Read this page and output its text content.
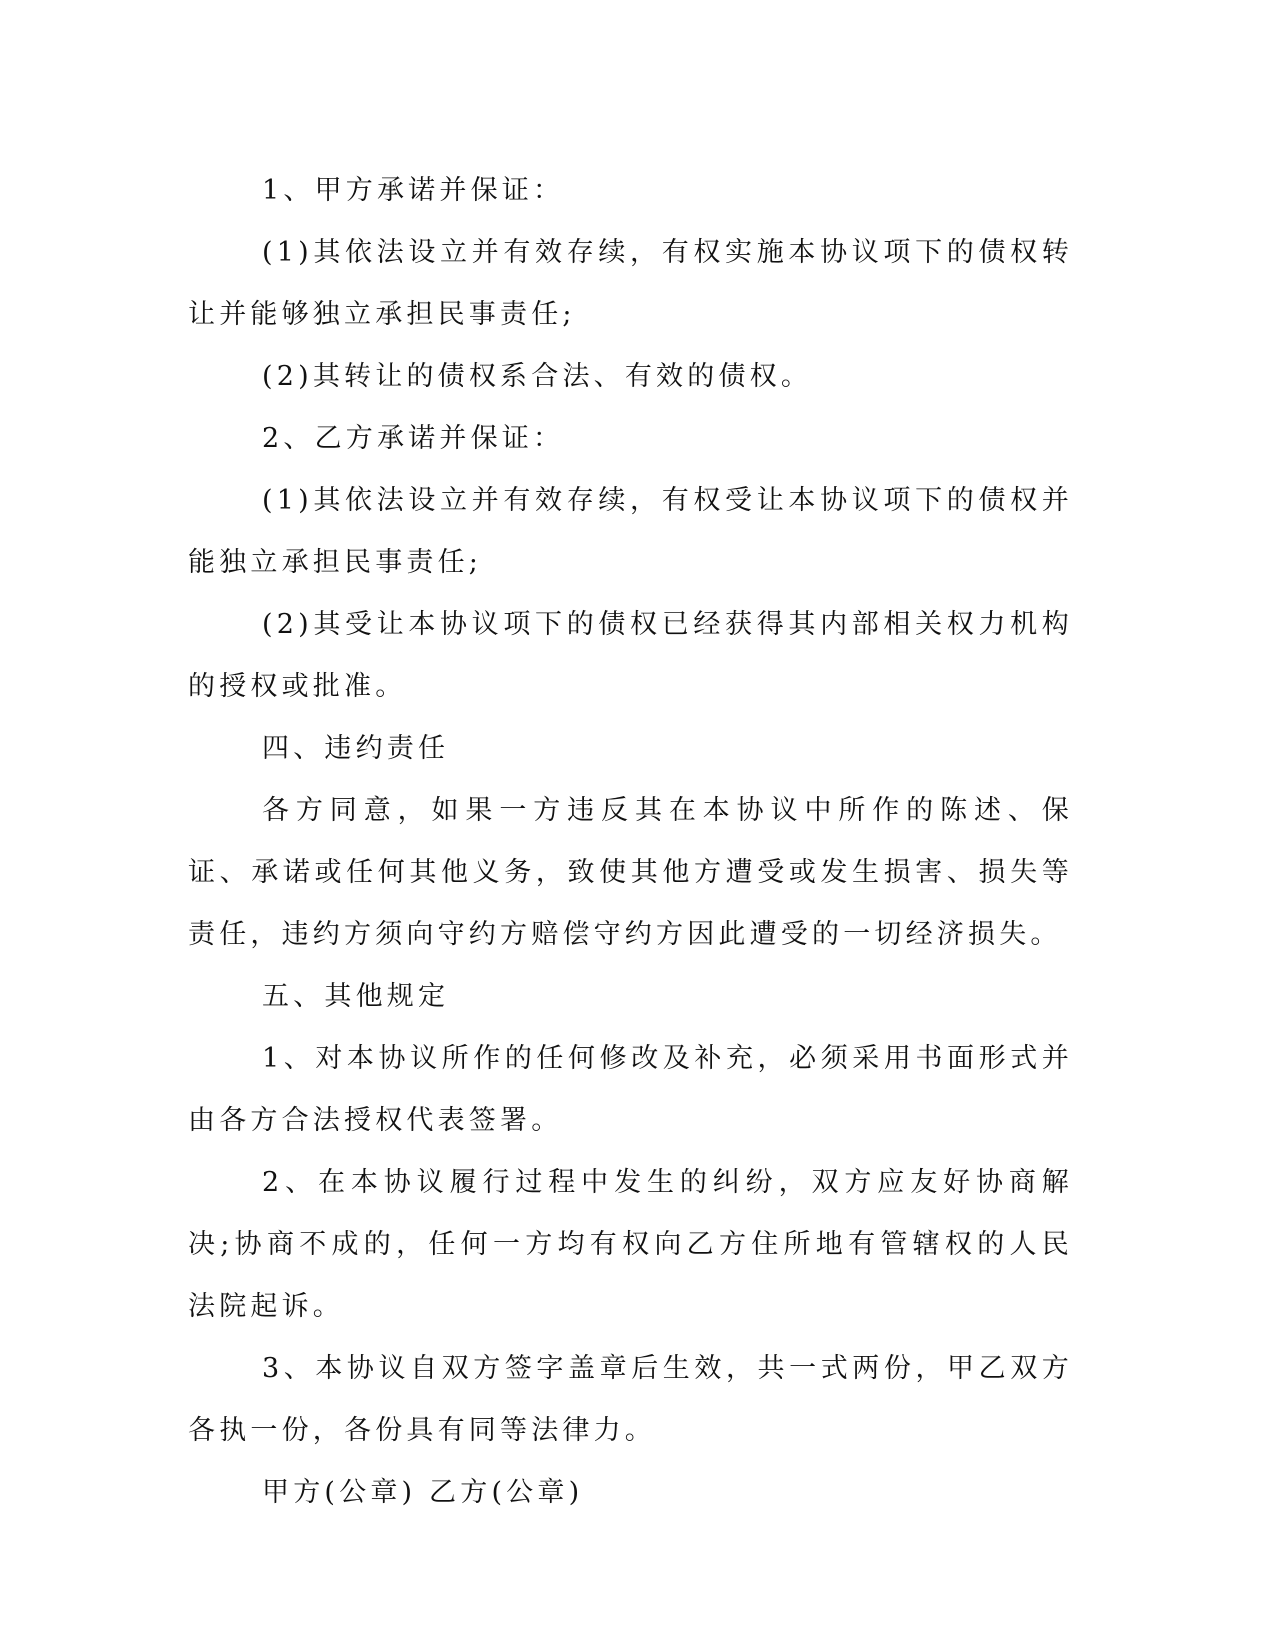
1、甲方承诺并保证：

(1)其依法设立并有效存续，有权实施本协议项下的债权转让并能够独立承担民事责任;

(2)其转让的债权系合法、有效的债权。

2、乙方承诺并保证：

(1)其依法设立并有效存续，有权受让本协议项下的债权并能独立承担民事责任;

(2)其受让本协议项下的债权已经获得其内部相关权力机构的授权或批准。

四、违约责任

各方同意，如果一方违反其在本协议中所作的陈述、保证、承诺或任何其他义务，致使其他方遭受或发生损害、损失等责任，违约方须向守约方赔偿守约方因此遭受的一切经济损失。

五、其他规定

1、对本协议所作的任何修改及补充，必须采用书面形式并由各方合法授权代表签署。

2、在本协议履行过程中发生的纠纷，双方应友好协商解决;协商不成的，任何一方均有权向乙方住所地有管辖权的人民法院起诉。

3、本协议自双方签字盖章后生效，共一式两份，甲乙双方各执一份，各份具有同等法律力。

甲方(公章) 乙方(公章)
